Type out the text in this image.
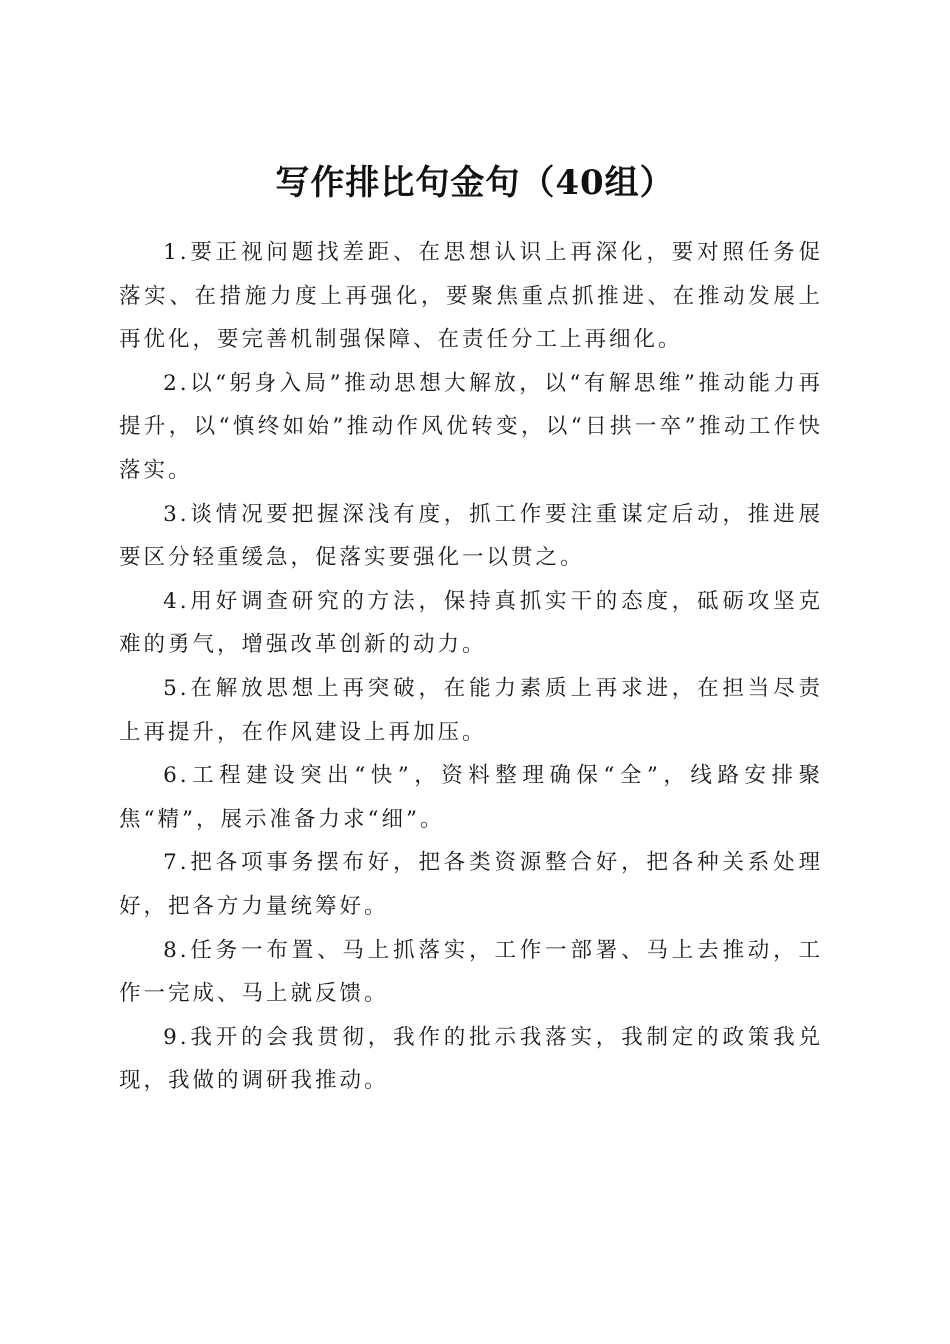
写作排比句金句（40组）

1.要正视问题找差距、在思想认识上再深化，要对照任务促落实、在措施力度上再强化，要聚焦重点抓推进、在推动发展上再优化，要完善机制强保障、在责任分工上再细化。

2.以“躬身入局”推动思想大解放，以“有解思维”推动能力再提升，以“慎终如始”推动作风优转变，以“日拱一卒”推动工作快落实。

3.谈情况要把握深浅有度，抓工作要注重谋定后动，推进展要区分轻重缓急，促落实要强化一以贯之。

4.用好调查研究的方法，保持真抓实干的态度，砥砺攻坚克难的勇气，增强改革创新的动力。

5.在解放思想上再突破，在能力素质上再求进，在担当尽责上再提升，在作风建设上再加压。

6.工程建设突出“快”，资料整理确保“全”，线路安排聚焦“精”，展示准备力求“细”。

7.把各项事务摆布好，把各类资源整合好，把各种关系处理好，把各方力量统筹好。

8.任务一布置、马上抓落实，工作一部署、马上去推动，工作一完成、马上就反馈。

9.我开的会我贯彻，我作的批示我落实，我制定的政策我兑现，我做的调研我推动。
